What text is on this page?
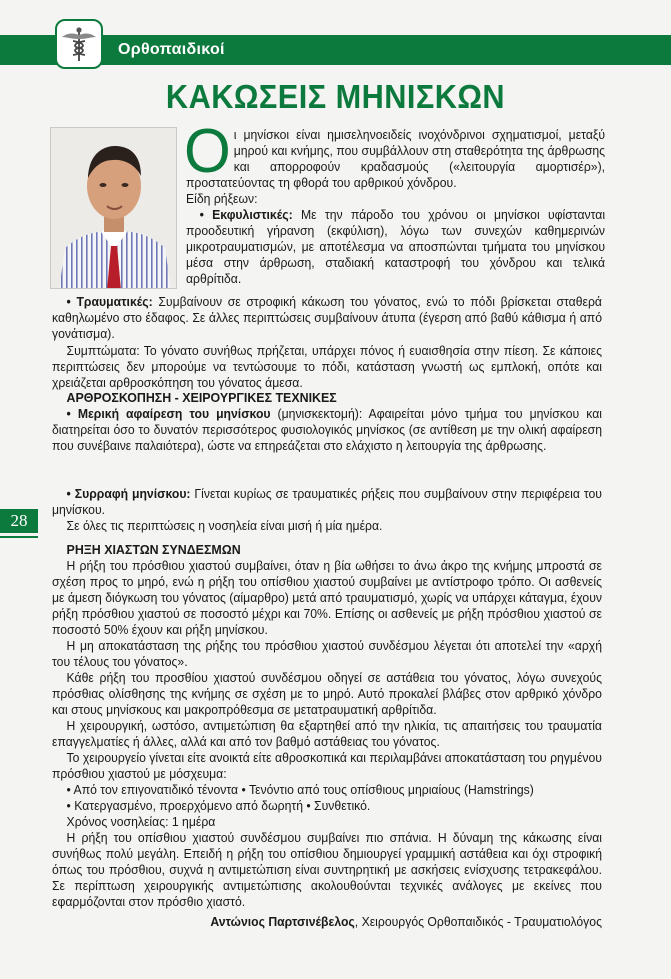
Ορθοπαιδικοί
ΚΑΚΩΣΕΙΣ ΜΗΝΙΣΚΩΝ
28
Οι μηνίσκοι είναι ημισεληνοειδείς ινοχόνδρινοι σχηματισμοί, μεταξύ μηρού και κνήμης, που συμβάλλουν στη σταθερότητα της άρθρωσης και απορροφούν κραδασμούς («λειτουργία αμορτισέρ»), προστατεύοντας τη φθορά του αρθρικού χόνδρου.
Είδη ρήξεων:
• Εκφυλιστικές: Με την πάροδο του χρόνου οι μηνίσκοι υφίστανται προοδευτική γήρανση (εκφύλιση), λόγω των συνεχών καθημερινών μικροτραυματισμών, με αποτέλεσμα να αποσπώνται τμήματα του μηνίσκου μέσα στην άρθρωση, σταδιακή καταστροφή του χόνδρου και τελικά αρθρίτιδα.
• Τραυματικές: Συμβαίνουν σε στροφική κάκωση του γόνατος, ενώ το πόδι βρίσκεται σταθερά καθηλωμένο στο έδαφος. Σε άλλες περιπτώσεις συμβαίνουν άτυπα (έγερση από βαθύ κάθισμα ή από γονάτισμα).
Συμπτώματα: Το γόνατο συνήθως πρήζεται, υπάρχει πόνος ή ευαισθησία στην πίεση. Σε κάποιες περιπτώσεις δεν μπορούμε να τεντώσουμε το πόδι, κατάσταση γνωστή ως εμπλοκή, οπότε και χρειάζεται αρθροσκόπηση του γόνατος άμεσα.
ΑΡΘΡΟΣΚΟΠΗΣΗ - ΧΕΙΡΟΥΡΓΙΚΕΣ ΤΕΧΝΙΚΕΣ
• Μερική αφαίρεση του μηνίσκου (μηνισκεκτομή): Αφαιρείται μόνο τμήμα του μηνίσκου και διατηρείται όσο το δυνατόν περισσότερος φυσιολογικός μηνίσκος (σε αντίθεση με την ολική αφαίρεση που συνέβαινε παλαιότερα), ώστε να επηρεάζεται στο ελάχιστο η λειτουργία της άρθρωσης.
• Συρραφή μηνίσκου: Γίνεται κυρίως σε τραυματικές ρήξεις που συμβαίνουν στην περιφέρεια του μηνίσκου.
Σε όλες τις περιπτώσεις η νοσηλεία είναι μισή ή μία ημέρα.
ΡΗΞΗ ΧΙΑΣΤΩΝ ΣΥΝΔΕΣΜΩΝ
Η ρήξη του πρόσθιου χιαστού συμβαίνει, όταν η βία ωθήσει το άνω άκρο της κνήμης μπροστά σε σχέση προς το μηρό, ενώ η ρήξη του οπίσθιου χιαστού συμβαίνει με αντίστροφο τρόπο. Οι ασθενείς με άμεση διόγκωση του γόνατος (αίμαρθρο) μετά από τραυματισμό, χωρίς να υπάρχει κάταγμα, έχουν ρήξη πρόσθιου χιαστού σε ποσοστό μέχρι και 70%. Επίσης οι ασθενείς με ρήξη πρόσθιου χιαστού σε ποσοστό 50% έχουν και ρήξη μηνίσκου.
Η μη αποκατάσταση της ρήξης του πρόσθιου χιαστού συνδέσμου λέγεται ότι αποτελεί την «αρχή του τέλους του γόνατος».
Κάθε ρήξη του προσθίου χιαστού συνδέσμου οδηγεί σε αστάθεια του γόνατος, λόγω συνεχούς πρόσθιας ολίσθησης της κνήμης σε σχέση με το μηρό. Αυτό προκαλεί βλάβες στον αρθρικό χόνδρο και στους μηνίσκους και μακροπρόθεσμα σε μετατραυματική αρθρίτιδα.
Η χειρουργική, ωστόσο, αντιμετώπιση θα εξαρτηθεί από την ηλικία, τις απαιτήσεις του τραυματία επαγγελματίες ή άλλες, αλλά και από τον βαθμό αστάθειας του γόνατος.
Το χειρουργείο γίνεται είτε ανοικτά είτε αθροσκοπικά και περιλαμβάνει αποκατάσταση του ρηγμένου πρόσθιου χιαστού με μόσχευμα:
• Από τον επιγονατιδικό τένοντα • Τενόντιο από τους οπίσθιους μηριαίους (Hamstrings)
• Κατεργασμένο, προερχόμενο από δωρητή • Συνθετικό.
Χρόνος νοσηλείας: 1 ημέρα
Η ρήξη του οπίσθιου χιαστού συνδέσμου συμβαίνει πιο σπάνια. Η δύναμη της κάκωσης είναι συνήθως πολύ μεγάλη. Επειδή η ρήξη του οπίσθιου δημιουργεί γραμμική αστάθεια και όχι στροφική όπως του πρόσθιου, συχνά η αντιμετώπιση είναι συντηρητική με ασκήσεις ενίσχυσης τετρακεφάλου. Σε περίπτωση χειρουργικής αντιμετώπισης ακολουθούνται τεχνικές ανάλογες με εκείνες που εφαρμόζονται στον πρόσθιο χιαστό.
Αντώνιος Παρτσινέβελος, Χειρουργός Ορθοπαιδικός - Τραυματιολόγος
